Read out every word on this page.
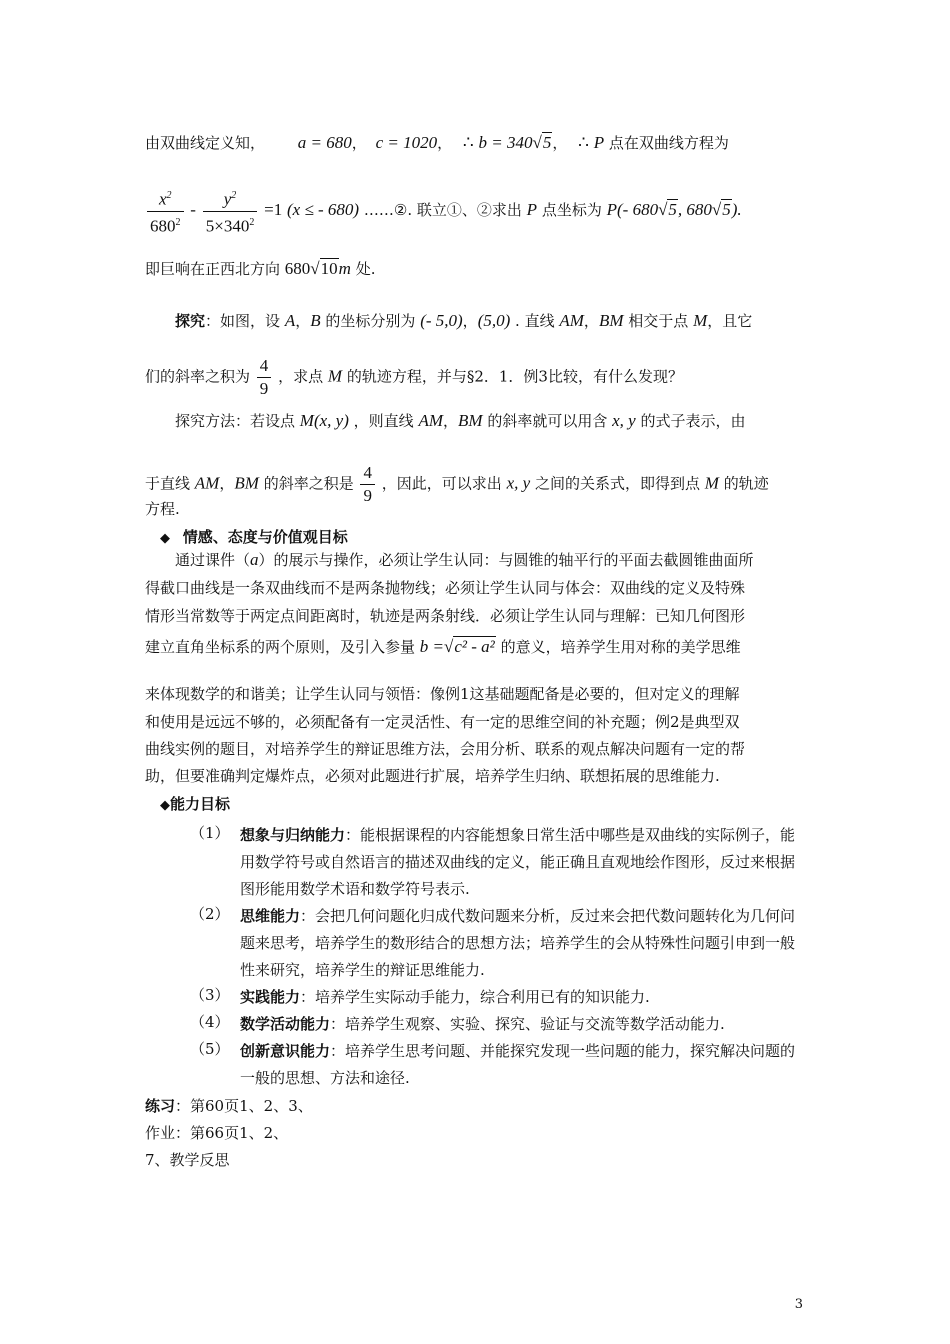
由双曲线定义知， a = 680， c = 1020， ∴ b = 340√5， ∴ P 点在双曲线方程为
$\frac{x^2}{680^2} - \frac{y^2}{5\times 340^2} =1$ (x ≤ - 680) ……②. 联立①、②求出 P 点坐标为 P(- 680√5, 680√5).
即巨响在正西北方向 680√10m 处.
探究：如图，设 A，B 的坐标分别为 (- 5,0)，(5,0) . 直线 AM，BM 相交于点 M，且它
们的斜率之积为 $\frac{4}{9}$ ，求点 M 的轨迹方程，并与§2．1．例3比较，有什么发现？
探究方法：若设点 M(x, y) ，则直线 AM，BM 的斜率就可以用含 x, y 的式子表示，由
于直线 AM，BM 的斜率之积是 $\frac{4}{9}$ ，因此，可以求出 x, y 之间的关系式，即得到点 M 的轨迹
方程.
◆ 情感、态度与价值观目标
通过课件（a）的展示与操作，必须让学生认同：与圆锥的轴平行的平面去截圆锥曲面所
得截口曲线是一条双曲线而不是两条抛物线；必须让学生认同与体会：双曲线的定义及特殊
情形当常数等于两定点间距离时，轨迹是两条射线．必须让学生认同与理解：已知几何图形
建立直角坐标系的两个原则，及引入参量 b =√c² - a² 的意义，培养学生用对称的美学思维
来体现数学的和谐美；让学生认同与领悟：像例1这基础题配备是必要的，但对定义的理解
和使用是远远不够的，必须配备有一定灵活性、有一定的思维空间的补充题；例2是典型双
曲线实例的题目，对培养学生的辩证思维方法，会用分析、联系的观点解决问题有一定的帮
助，但要准确判定爆炸点，必须对此题进行扩展，培养学生归纳、联想拓展的思维能力.
◆能力目标
（1） 想象与归纳能力：能根据课程的内容能想象日常生活中哪些是双曲线的实际例子，能用数学符号或自然语言的描述双曲线的定义，能正确且直观地绘作图形，反过来根据图形能用数学术语和数学符号表示.
（2） 思维能力：会把几何问题化归成代数问题来分析，反过来会把代数问题转化为几何问题来思考，培养学生的数形结合的思想方法；培养学生的会从特殊性问题引申到一般性来研究，培养学生的辩证思维能力.
（3） 实践能力：培养学生实际动手能力，综合利用已有的知识能力.
（4） 数学活动能力：培养学生观察、实验、探究、验证与交流等数学活动能力.
（5） 创新意识能力：培养学生思考问题、并能探究发现一些问题的能力，探究解决问题的一般的思想、方法和途径.
练习：第60页1、2、3、
作业：第66页1、2、
7、教学反思
3
